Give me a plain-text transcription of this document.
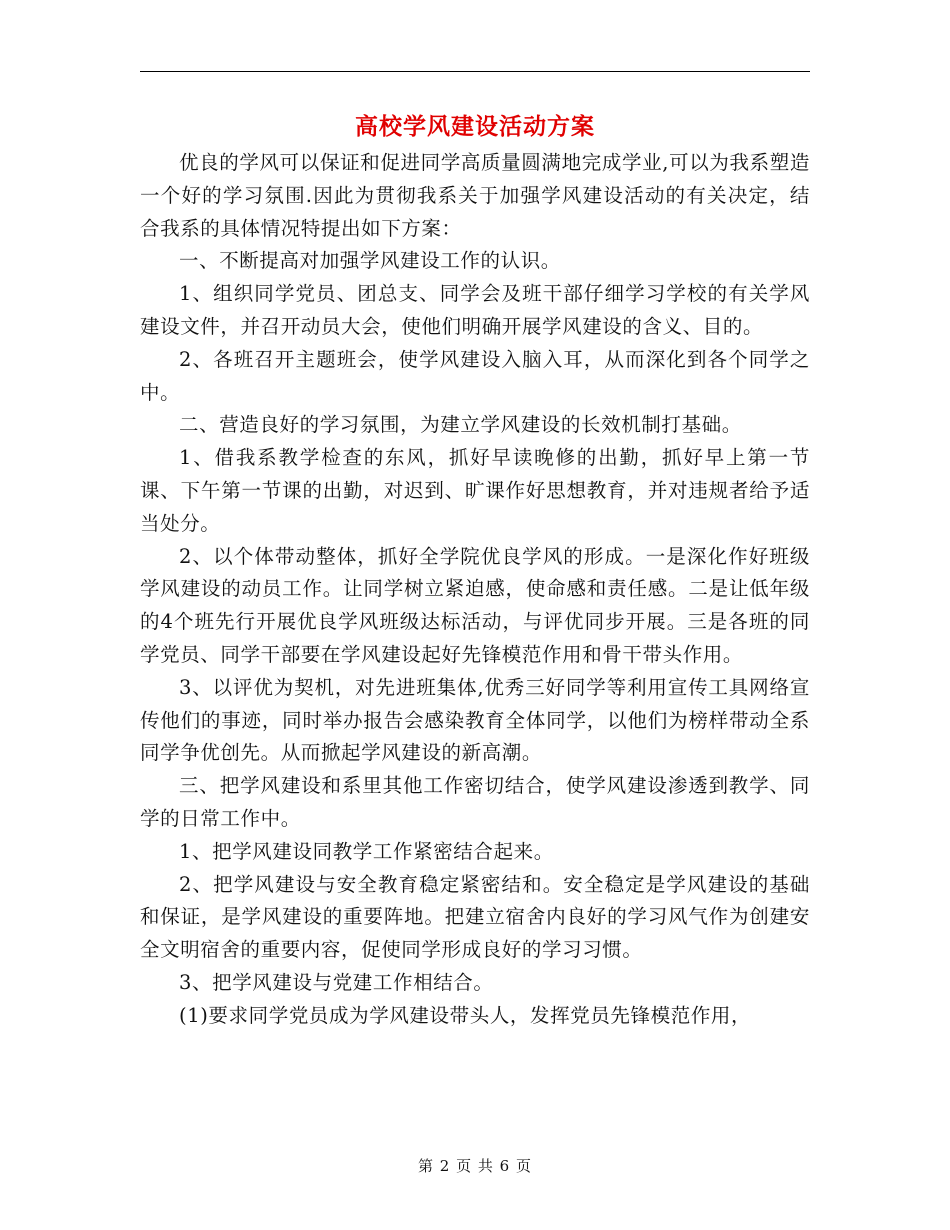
高校学风建设活动方案

优良的学风可以保证和促进同学高质量圆满地完成学业,可以为我系塑造一个好的学习氛围.因此为贯彻我系关于加强学风建设活动的有关决定，结合我系的具体情况特提出如下方案：

一、不断提高对加强学风建设工作的认识。

1、组织同学党员、团总支、同学会及班干部仔细学习学校的有关学风建设文件，并召开动员大会，使他们明确开展学风建设的含义、目的。

2、各班召开主题班会，使学风建设入脑入耳，从而深化到各个同学之中。

二、营造良好的学习氛围，为建立学风建设的长效机制打基础。

1、借我系教学检查的东风，抓好早读晚修的出勤，抓好早上第一节课、下午第一节课的出勤，对迟到、旷课作好思想教育，并对违规者给予适当处分。

2、以个体带动整体，抓好全学院优良学风的形成。一是深化作好班级学风建设的动员工作。让同学树立紧迫感，使命感和责任感。二是让低年级的4个班先行开展优良学风班级达标活动，与评优同步开展。三是各班的同学党员、同学干部要在学风建设起好先锋模范作用和骨干带头作用。

3、以评优为契机，对先进班集体,优秀三好同学等利用宣传工具网络宣传他们的事迹，同时举办报告会感染教育全体同学，以他们为榜样带动全系同学争优创先。从而掀起学风建设的新高潮。

三、把学风建设和系里其他工作密切结合，使学风建设渗透到教学、同学的日常工作中。

1、把学风建设同教学工作紧密结合起来。

2、把学风建设与安全教育稳定紧密结和。安全稳定是学风建设的基础和保证，是学风建设的重要阵地。把建立宿舍内良好的学习风气作为创建安全文明宿舍的重要内容，促使同学形成良好的学习习惯。

3、把学风建设与党建工作相结合。

(1)要求同学党员成为学风建设带头人，发挥党员先锋模范作用，

第 2 页 共 6 页
